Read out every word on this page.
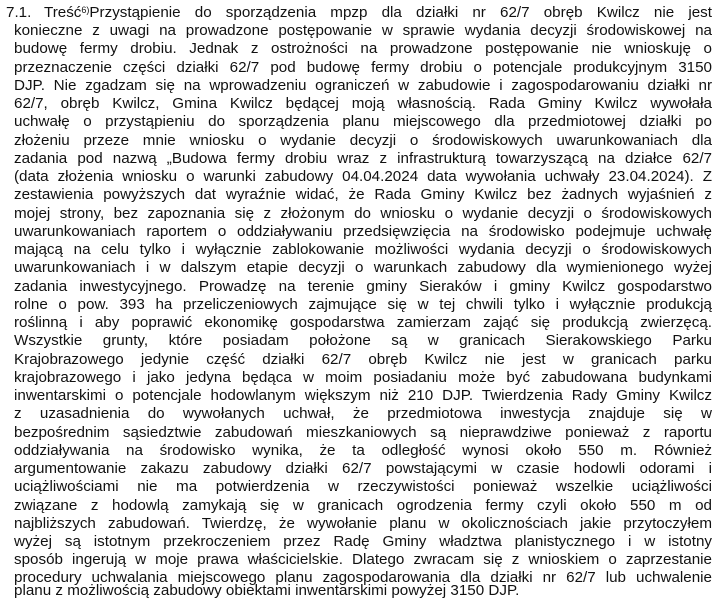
7.1. Treść$^{6)}$Przystąpienie do sporządzenia mpzp dla działki nr 62/7 obręb Kwilcz nie jest
konieczne z uwagi na prowadzone postępowanie w sprawie wydania decyzji środowiskowej na
budowę fermy drobiu. Jednak z ostrożności na prowadzone postępowanie nie wnioskuję o
przeznaczenie części działki 62/7 pod budowę fermy drobiu o potencjale produkcyjnym 3150
DJP. Nie zgadzam się na wprowadzeniu ograniczeń w zabudowie i zagospodarowaniu działki nr
62/7, obręb Kwilcz, Gmina Kwilcz będącej moją własnością. Rada Gminy Kwilcz wywołała
uchwałę o przystąpieniu do sporządzenia planu miejscowego dla przedmiotowej działki po
złożeniu przeze mnie wniosku o wydanie decyzji o środowiskowych uwarunkowaniach dla
zadania pod nazwą „Budowa fermy drobiu wraz z infrastrukturą towarzyszącą na działce 62/7
(data złożenia wniosku o warunki zabudowy 04.04.2024 data wywołania uchwały 23.04.2024). Z
zestawienia powyższych dat wyraźnie widać, że Rada Gminy Kwilcz bez żadnych wyjaśnień z
mojej strony, bez zapoznania się z złożonym do wniosku o wydanie decyzji o środowiskowych
uwarunkowaniach raportem o oddziaływaniu przedsięwzięcia na środowisko podejmuje uchwałę
mającą na celu tylko i wyłącznie zablokowanie możliwości wydania decyzji o środowiskowych
uwarunkowaniach i w dalszym etapie decyzji o warunkach zabudowy dla wymienionego wyżej
zadania inwestycyjnego. Prowadzę na terenie gminy Sieraków i gminy Kwilcz gospodarstwo
rolne o pow. 393 ha przeliczeniowych zajmujące się w tej chwili tylko i wyłącznie produkcją
roślinną i aby poprawić ekonomikę gospodarstwa zamierzam zająć się produkcją zwierzęcą.
Wszystkie grunty, które posiadam położone są w granicach Sierakowskiego Parku
Krajobrazowego jedynie część działki 62/7 obręb Kwilcz nie jest w granicach parku
krajobrazowego i jako jedyna będąca w moim posiadaniu może być zabudowana budynkami
inwentarskimi o potencjale hodowlanym większym niż 210 DJP. Twierdzenia Rady Gminy Kwilcz
z uzasadnienia do wywołanych uchwał, że przedmiotowa inwestycja znajduje się w
bezpośrednim sąsiedztwie zabudowań mieszkaniowych są nieprawdziwe ponieważ z raportu
oddziaływania na środowisko wynika, że ta odległość wynosi około 550 m. Również
argumentowanie zakazu zabudowy działki 62/7 powstającymi w czasie hodowli odorami i
uciążliwościami nie ma potwierdzenia w rzeczywistości ponieważ wszelkie uciążliwości
związane z hodowlą zamykają się w granicach ogrodzenia fermy czyli około 550 m od
najbliższych zabudowań. Twierdzę, że wywołanie planu w okolicznościach jakie przytoczyłem
wyżej są istotnym przekroczeniem przez Radę Gminy władztwa planistycznego i w istotny
sposób ingerują w moje prawa właścicielskie. Dlatego zwracam się z wnioskiem o zaprzestanie
procedury uchwalania miejscowego planu zagospodarowania dla działki nr 62/7 lub uchwalenie
planu z możliwością zabudowy obiektami inwentarskimi powyżej 3150 DJP.
